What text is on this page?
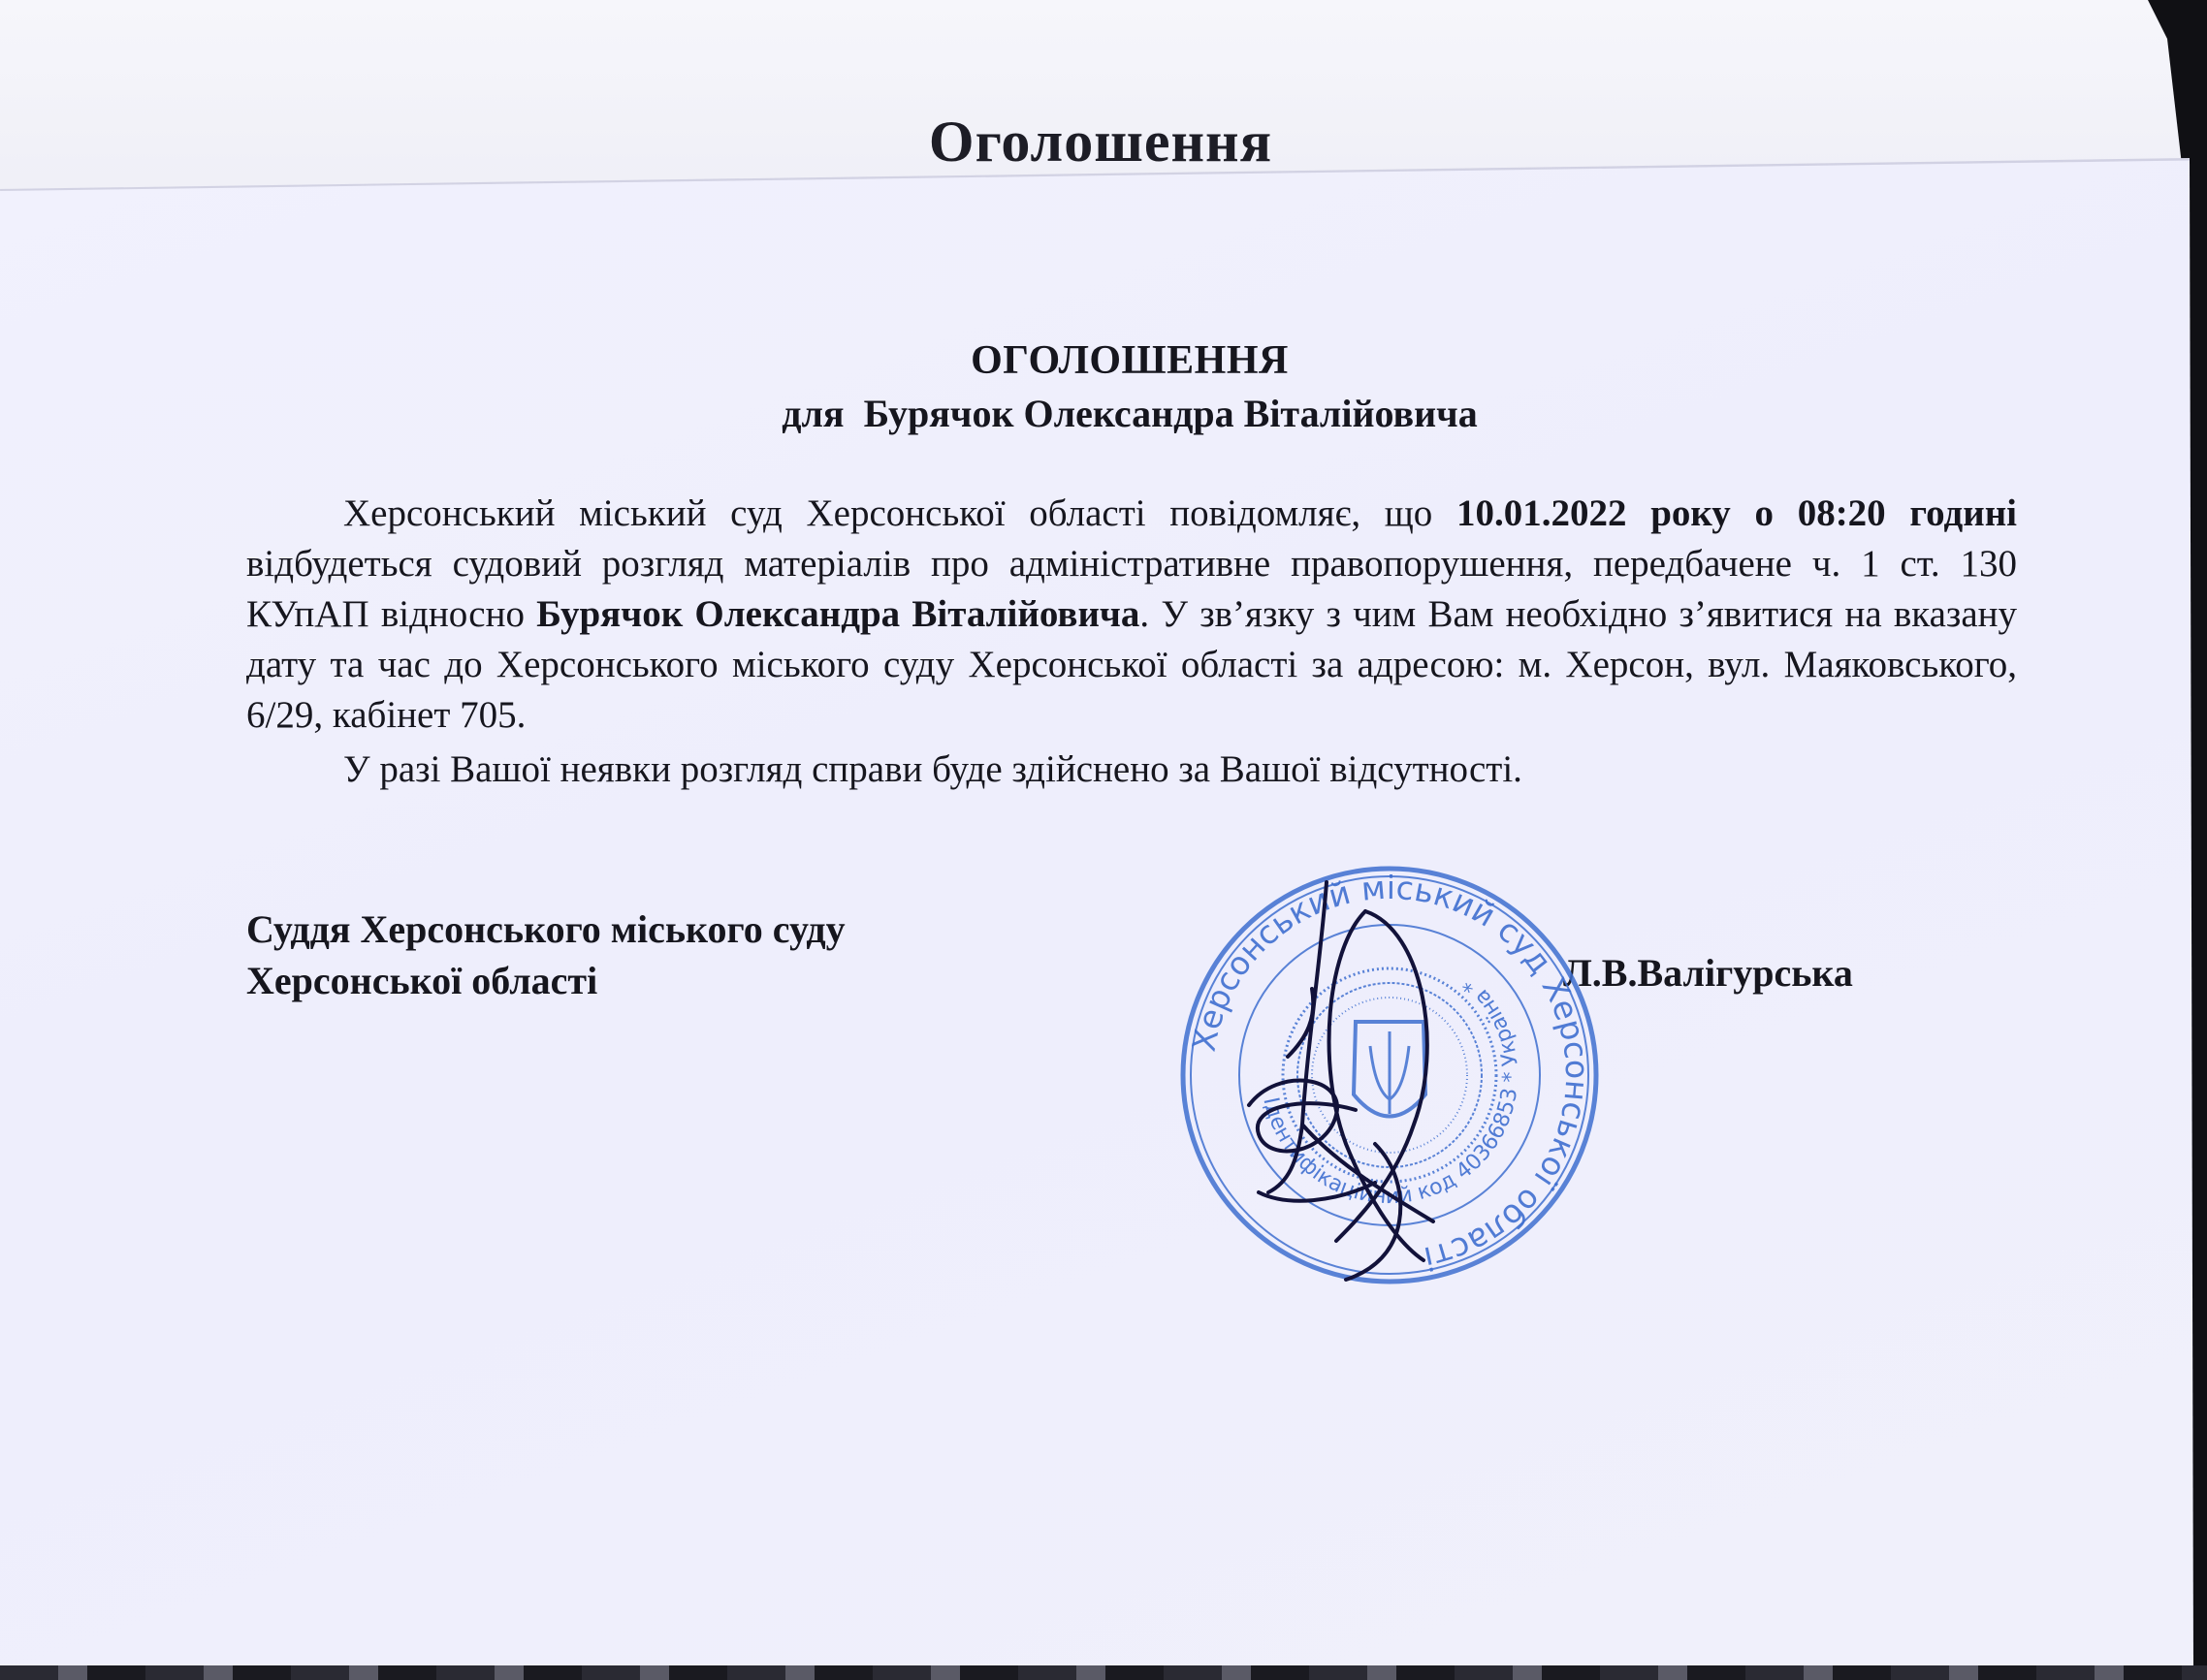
Оголошення
ОГОЛОШЕННЯ

для  Бурячок Олександра Віталійовича

Херсонський міський суд Херсонської області повідомляє, що 10.01.2022 року о 08:20 годині відбудеться судовий розгляд матеріалів про адміністративне правопорушення, передбачене ч. 1 ст. 130 КУпАП відносно Бурячок Олександра Віталійовича. У зв’язку з чим Вам необхідно з’явитися на вказану дату та час до Херсонського міського суду Херсонської області за адресою: м. Херсон, вул. Маяковського, 6/29, кабінет 705.

У разі Вашої неявки розгляд справи буде здійснено за Вашої відсутності.

Суддя Херсонського міського суду
Херсонської області	Л.В.Валігурська

Херсонський міський суд Херсонської області
Ідентифікаційний код 40366853 * Україна *
